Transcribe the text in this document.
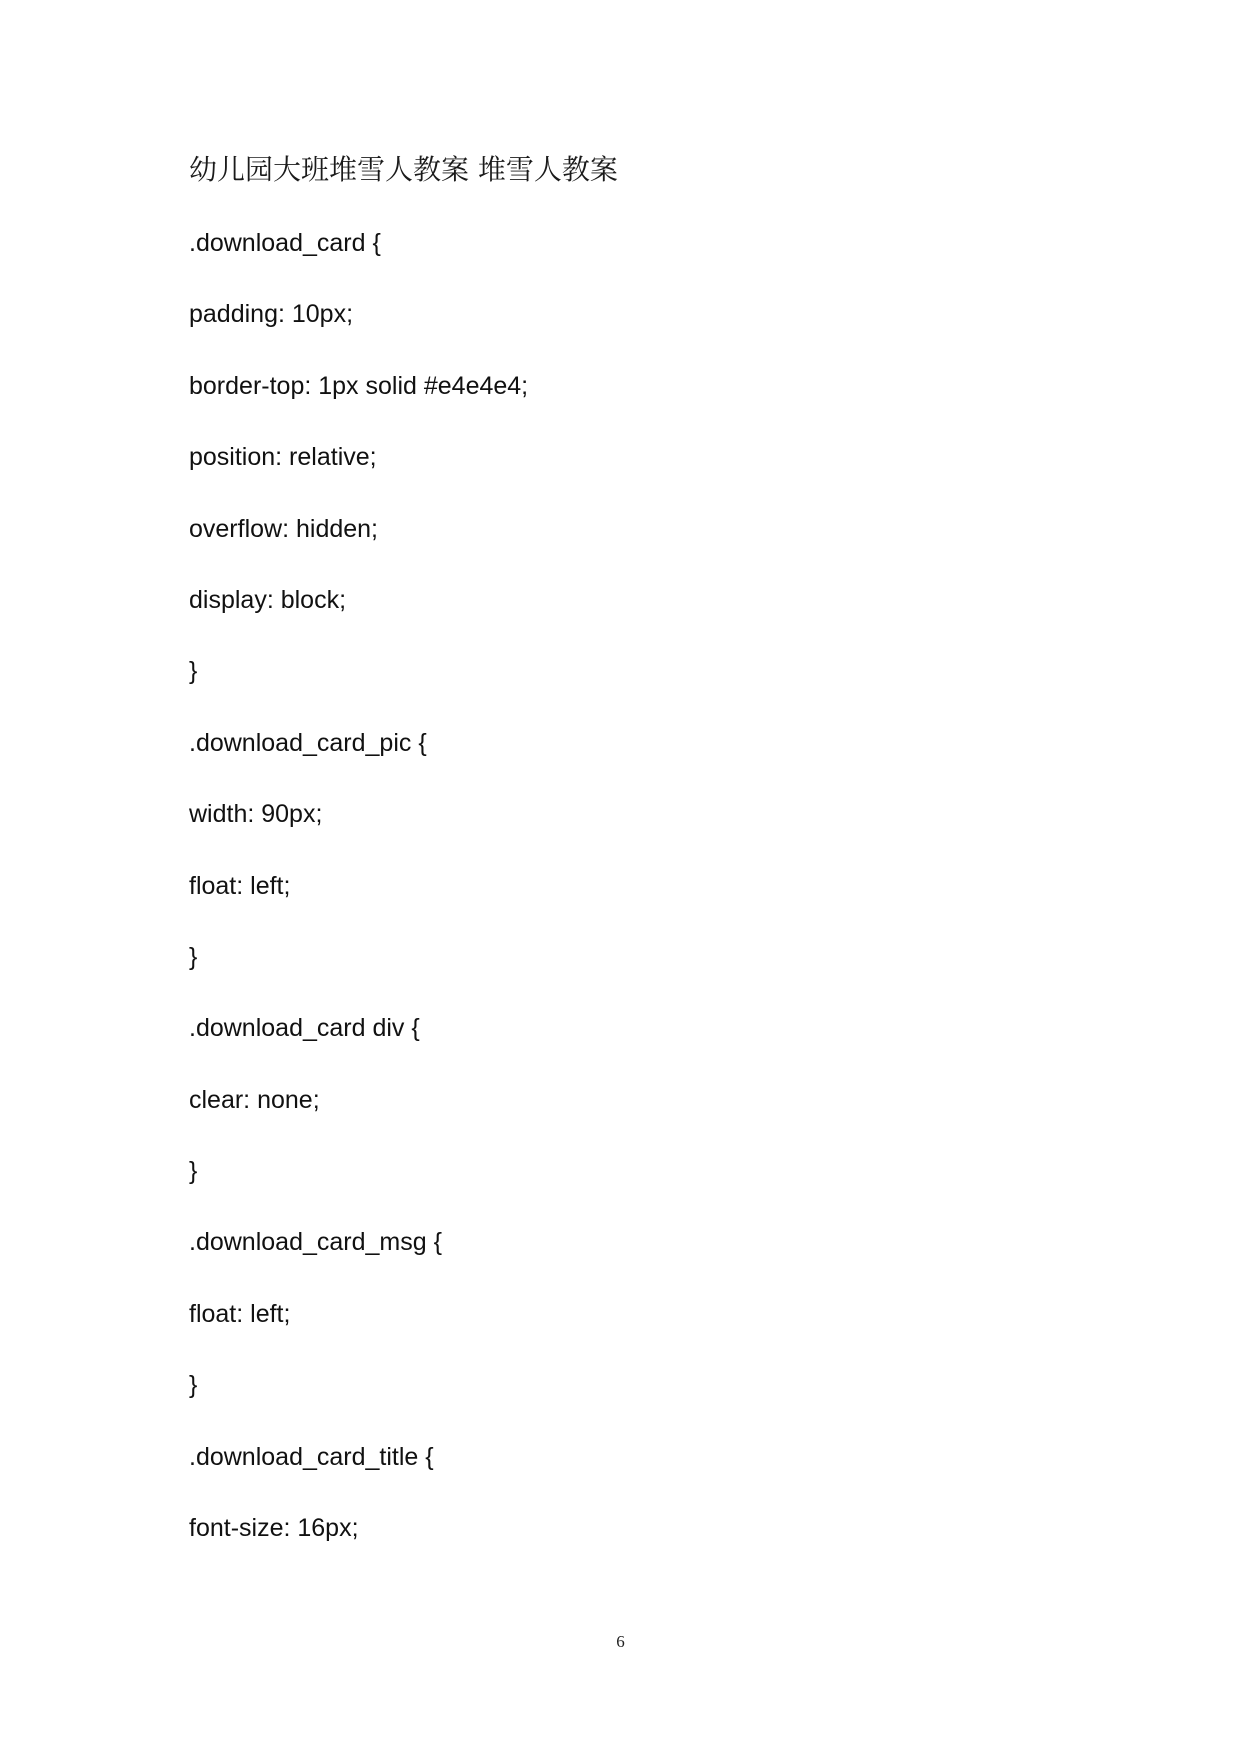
幼儿园大班堆雪人教案 堆雪人教案
.download_card {
padding: 10px;
border-top: 1px solid #e4e4e4;
position: relative;
overflow: hidden;
display: block;
}
.download_card_pic {
width: 90px;
float: left;
}
.download_card div {
clear: none;
}
.download_card_msg {
float: left;
}
.download_card_title {
font-size: 16px;
6
